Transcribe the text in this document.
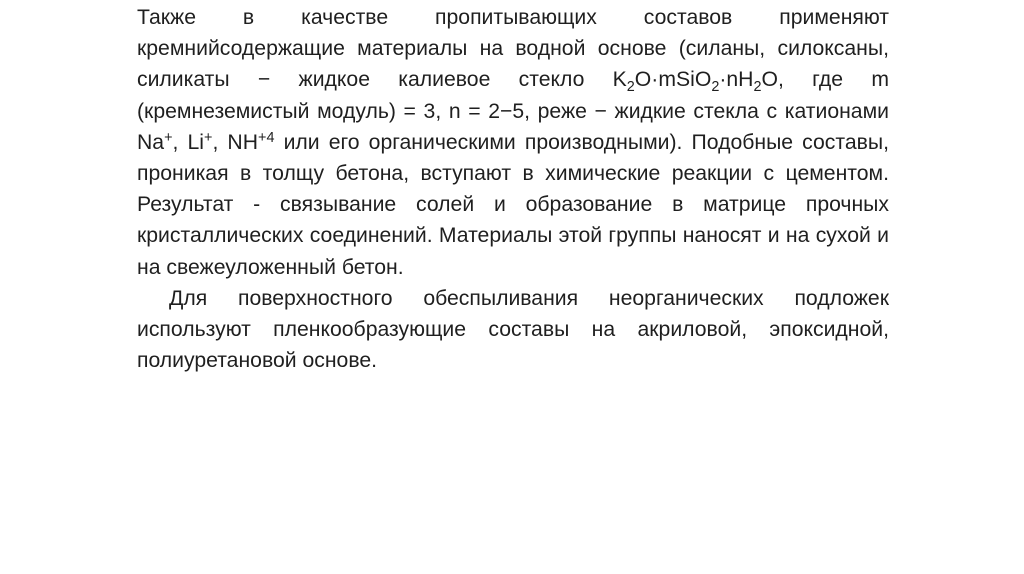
Также в качестве пропитывающих составов применяют кремнийсодержащие материалы на водной основе (силаны, силоксаны, силикаты − жидкое калиевое стекло $K_2O\cdot mSiO_2\cdot nH_2O$, где m (кремнеземистый модуль) = 3, n = 2−5, реже − жидкие стекла с катионами Na+, Li+, $NH^{+4}$ или его органическими производными). Подобные составы, проникая в толщу бетона, вступают в химические реакции с цементом. Результат - связывание солей и образование в матрице прочных кристаллических соединений. Материалы этой группы наносят и на сухой и на свежеуложенный бетон.

Для поверхностного обеспыливания неорганических подложек используют пленкообразующие составы на акриловой, эпоксидной, полиуретановой основе.
